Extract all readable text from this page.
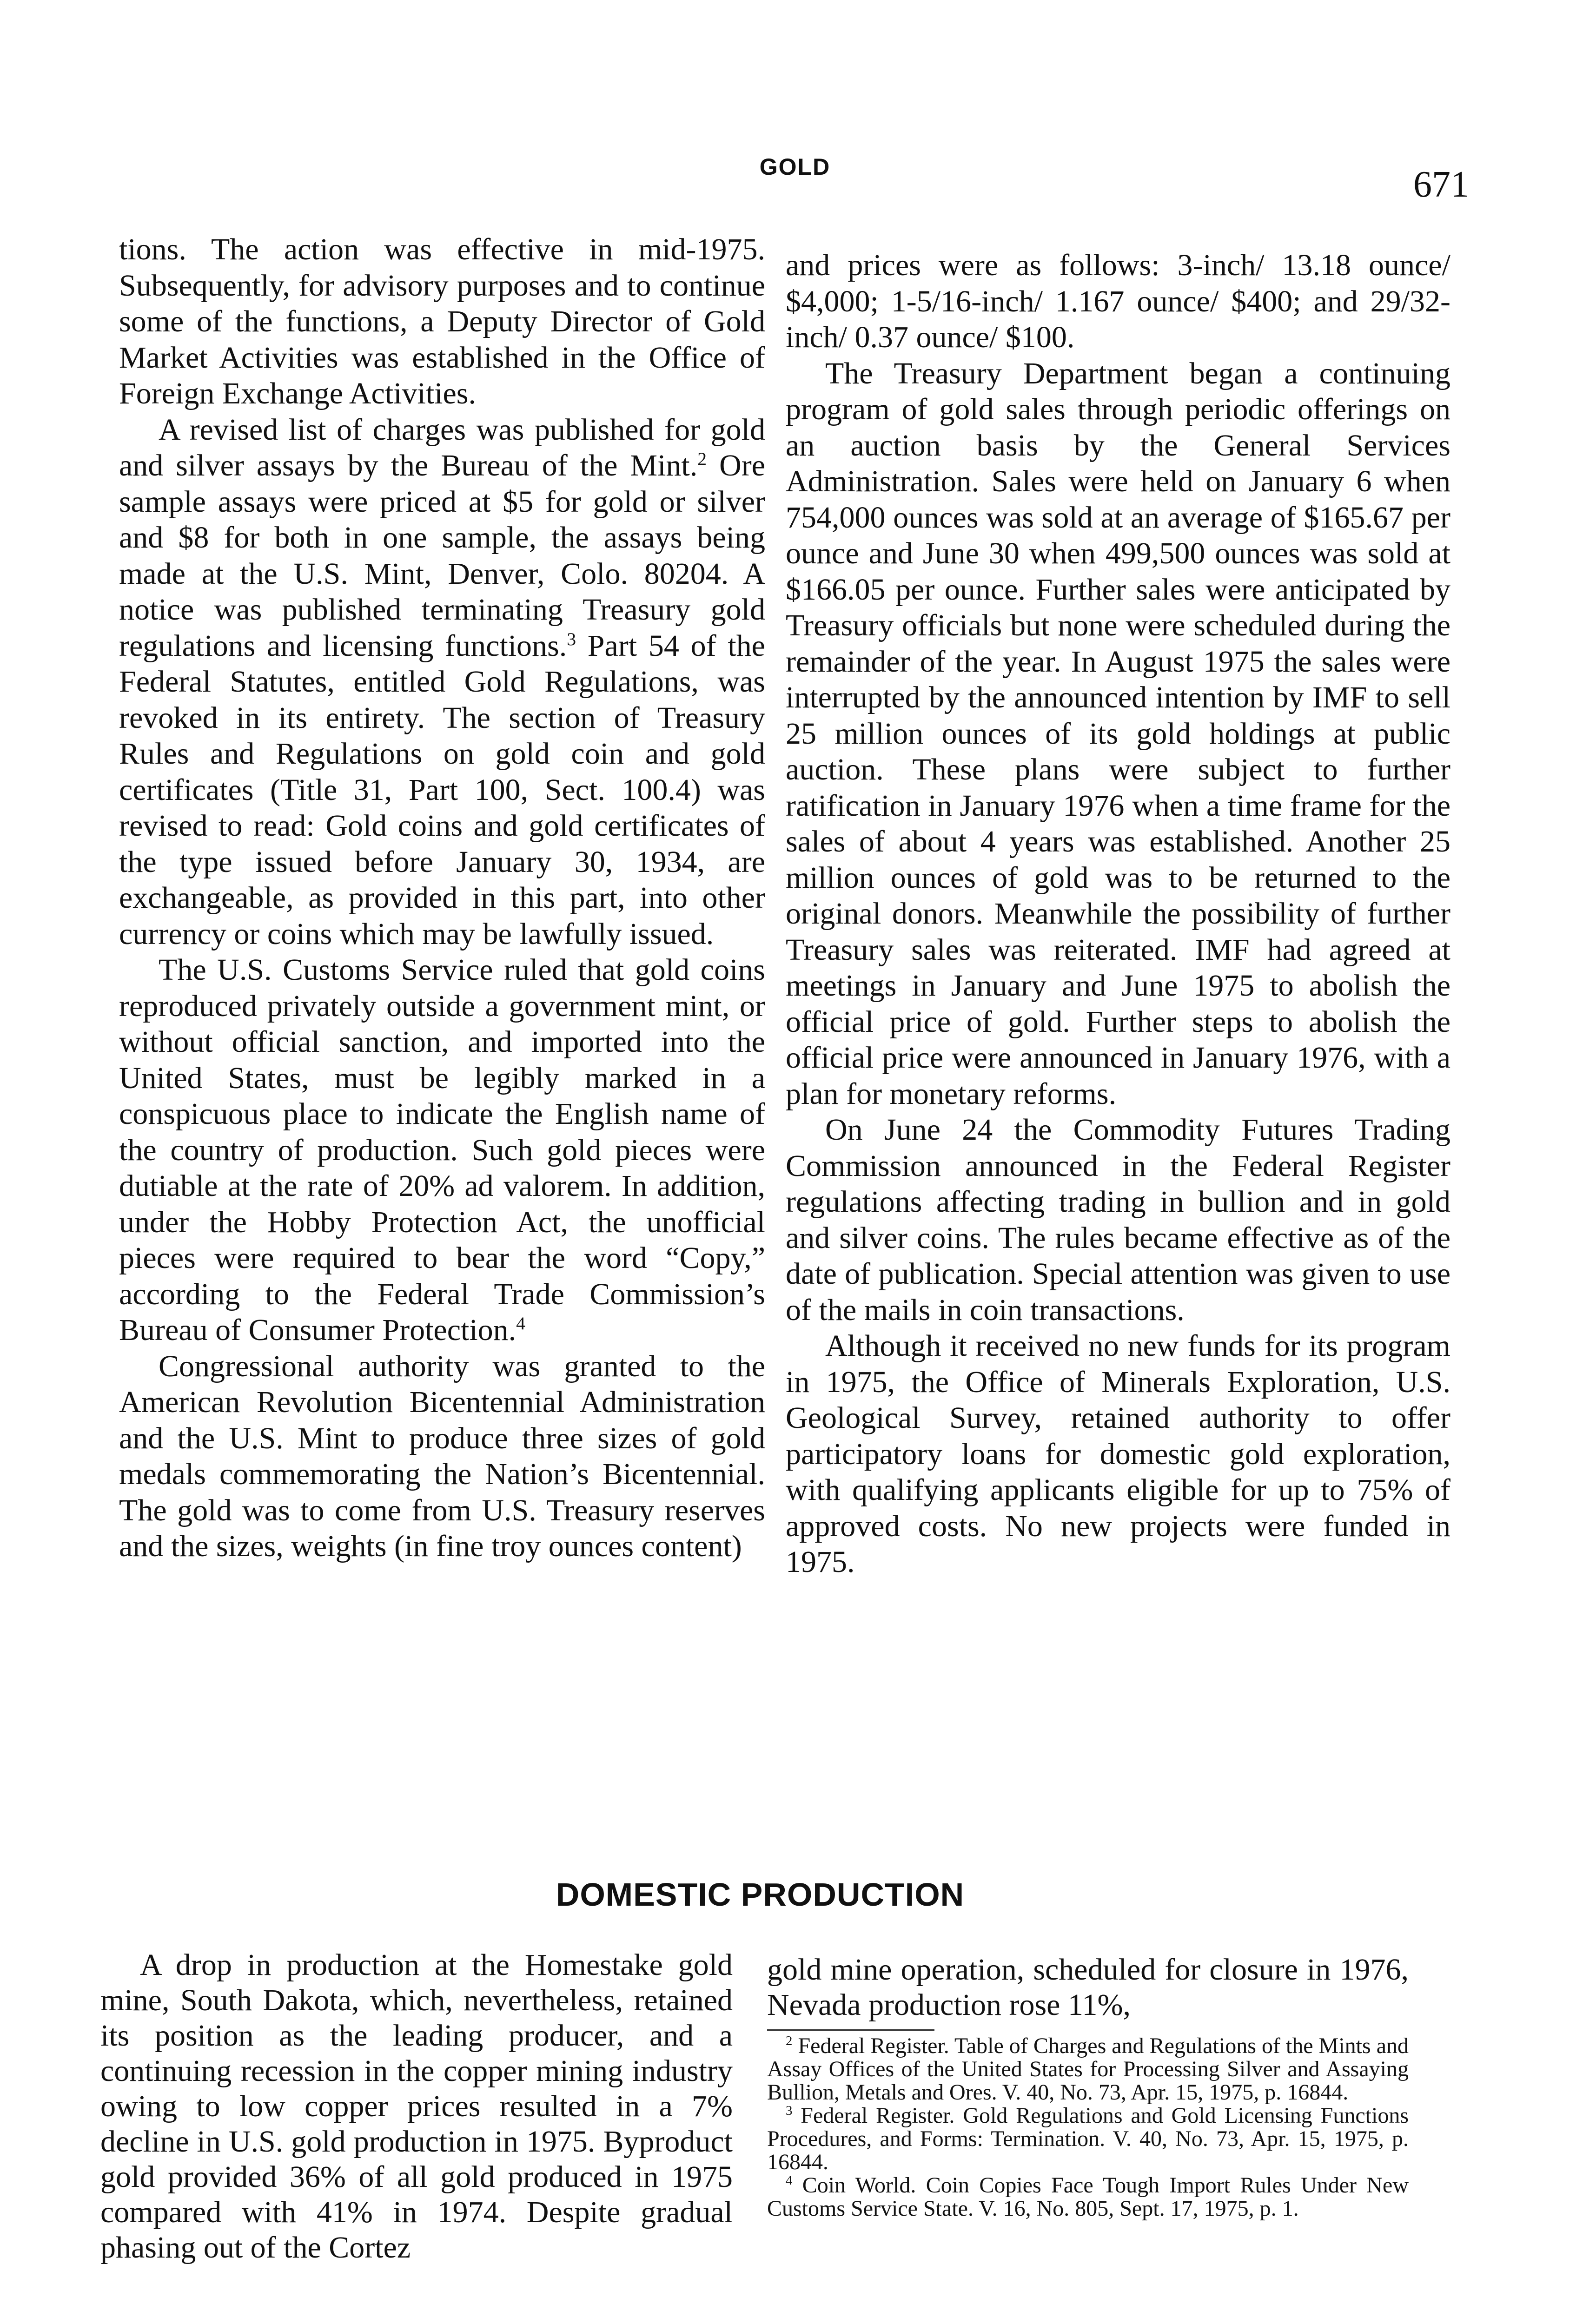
GOLD	671

tions. The action was effective in mid-1975. Subsequently, for advisory purposes and to continue some of the functions, a Deputy Director of Gold Market Activities was established in the Office of Foreign Exchange Activities.

A revised list of charges was published for gold and silver assays by the Bureau of the Mint.$^2$ Ore sample assays were priced at $5 for gold or silver and $8 for both in one sample, the assays being made at the U.S. Mint, Denver, Colo. 80204. A notice was published terminating Treasury gold regulations and licensing functions.$^3$ Part 54 of the Federal Statutes, entitled Gold Regulations, was revoked in its entirety. The section of Treasury Rules and Regulations on gold coin and gold certificates (Title 31, Part 100, Sect. 100.4) was revised to read: Gold coins and gold certificates of the type issued before January 30, 1934, are exchangeable, as provided in this part, into other currency or coins which may be lawfully issued.

The U.S. Customs Service ruled that gold coins reproduced privately outside a government mint, or without official sanction, and imported into the United States, must be legibly marked in a conspicuous place to indicate the English name of the country of production. Such gold pieces were dutiable at the rate of 20% ad valorem. In addition, under the Hobby Protection Act, the unofficial pieces were required to bear the word “Copy,” according to the Federal Trade Commission’s Bureau of Consumer Protection.$^4$

Congressional authority was granted to the American Revolution Bicentennial Administration and the U.S. Mint to produce three sizes of gold medals commemorating the Nation’s Bicentennial. The gold was to come from U.S. Treasury reserves and the sizes, weights (in fine troy ounces content)

and prices were as follows: 3-inch/ 13.18 ounce/ $4,000; 1-5/16-inch/ 1.167 ounce/ $400; and 29/32-inch/ 0.37 ounce/ $100.

The Treasury Department began a continuing program of gold sales through periodic offerings on an auction basis by the General Services Administration. Sales were held on January 6 when 754,000 ounces was sold at an average of $165.67 per ounce and June 30 when 499,500 ounces was sold at $166.05 per ounce. Further sales were anticipated by Treasury officials but none were scheduled during the remainder of the year. In August 1975 the sales were interrupted by the announced intention by IMF to sell 25 million ounces of its gold holdings at public auction. These plans were subject to further ratification in January 1976 when a time frame for the sales of about 4 years was established. Another 25 million ounces of gold was to be returned to the original donors. Meanwhile the possibility of further Treasury sales was reiterated. IMF had agreed at meetings in January and June 1975 to abolish the official price of gold. Further steps to abolish the official price were announced in January 1976, with a plan for monetary reforms.

On June 24 the Commodity Futures Trading Commission announced in the Federal Register regulations affecting trading in bullion and in gold and silver coins. The rules became effective as of the date of publication. Special attention was given to use of the mails in coin transactions.

Although it received no new funds for its program in 1975, the Office of Minerals Exploration, U.S. Geological Survey, retained authority to offer participatory loans for domestic gold exploration, with qualifying applicants eligible for up to 75% of approved costs. No new projects were funded in 1975.

DOMESTIC PRODUCTION

A drop in production at the Homestake gold mine, South Dakota, which, nevertheless, retained its position as the leading producer, and a continuing recession in the copper mining industry owing to low copper prices resulted in a 7% decline in U.S. gold production in 1975. Byproduct gold provided 36% of all gold produced in 1975 compared with 41% in 1974. Despite gradual phasing out of the Cortez

gold mine operation, scheduled for closure in 1976, Nevada production rose 11%,

$^2$ Federal Register. Table of Charges and Regulations of the Mints and Assay Offices of the United States for Processing Silver and Assaying Bullion, Metals and Ores. V. 40, No. 73, Apr. 15, 1975, p. 16844.

$^3$ Federal Register. Gold Regulations and Gold Licensing Functions Procedures, and Forms: Termination. V. 40, No. 73, Apr. 15, 1975, p. 16844.

$^4$ Coin World. Coin Copies Face Tough Import Rules Under New Customs Service State. V. 16, No. 805, Sept. 17, 1975, p. 1.
